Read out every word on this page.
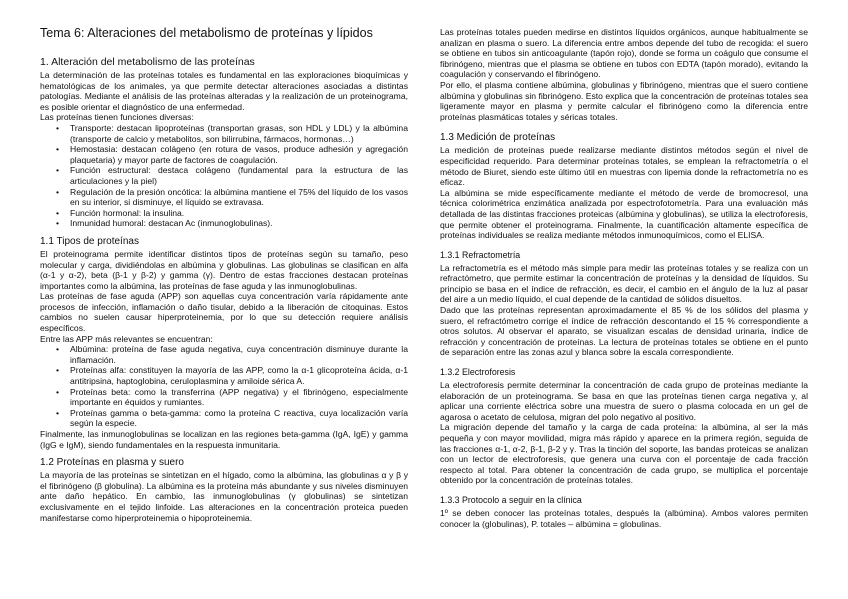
Tema 6: Alteraciones del metabolismo de proteínas y lípidos
1. Alteración del metabolismo de las proteínas

La determinación de las proteínas totales es fundamental en las exploraciones bioquímicas y hematológicas de los animales, ya que permite detectar alteraciones asociadas a distintas patologías. Mediante el análisis de las proteínas alteradas y la realización de un proteinograma, es posible orientar el diagnóstico de una enfermedad.

Las proteínas tienen funciones diversas:

• Transporte: destacan lipoproteínas (transportan grasas, son HDL y LDL) y la albúmina (transporte de calcio y metabolitos, son bilirrubina, fármacos, hormonas…)
• Hemostasia: destacan colágeno (en rotura de vasos, produce adhesión y agregación plaquetaria) y mayor parte de factores de coagulación.
• Función estructural: destaca colágeno (fundamental para la estructura de las articulaciones y la piel)
• Regulación de la presión oncótica: la albúmina mantiene el 75% del líquido de los vasos en su interior, si disminuye, el líquido se extravasa.
• Función hormonal: la insulina.
• Inmunidad humoral: destacan Ac (inmunoglobulinas).
1.1 Tipos de proteínas

El proteinograma permite identificar distintos tipos de proteínas según su tamaño, peso molecular y carga, dividiéndolas en albúmina y globulinas. Las globulinas se clasifican en alfa (α-1 y α-2), beta (β-1 y β-2) y gamma (γ). Dentro de estas fracciones destacan proteínas importantes como la albúmina, las proteínas de fase aguda y las inmunoglobulinas.

Las proteínas de fase aguda (APP) son aquellas cuya concentración varía rápidamente ante procesos de infección, inflamación o daño tisular, debido a la liberación de citoquinas. Estos cambios no suelen causar hiperproteinemia, por lo que su detección requiere análisis específicos.

Entre las APP más relevantes se encuentran:

• Albúmina: proteína de fase aguda negativa, cuya concentración disminuye durante la inflamación.
• Proteínas alfa: constituyen la mayoría de las APP, como la α-1 glicoproteína ácida, α-1 antitripsina, haptoglobina, ceruloplasmina y amiloide sérica A.
• Proteínas beta: como la transferrina (APP negativa) y el fibrinógeno, especialmente importante en équidos y rumiantes.
• Proteínas gamma o beta-gamma: como la proteína C reactiva, cuya localización varía según la especie.

Finalmente, las inmunoglobulinas se localizan en las regiones beta-gamma (IgA, IgE) y gamma (IgG e IgM), siendo fundamentales en la respuesta inmunitaria.

1.2 Proteínas en plasma y suero

La mayoría de las proteínas se sintetizan en el hígado, como la albúmina, las globulinas α y β y el fibrinógeno (β globulina). La albúmina es la proteína más abundante y sus niveles disminuyen ante daño hepático. En cambio, las inmunoglobulinas (γ globulinas) se sintetizan exclusivamente en el tejido linfoide. Las alteraciones en la concentración proteica pueden manifestarse como hiperproteinemia o hipoproteinemia.

Las proteínas totales pueden medirse en distintos líquidos orgánicos, aunque habitualmente se analizan en plasma o suero. La diferencia entre ambos depende del tubo de recogida: el suero se obtiene en tubos sin anticoagulante (tapón rojo), donde se forma un coágulo que consume el fibrinógeno, mientras que el plasma se obtiene en tubos con EDTA (tapón morado), evitando la coagulación y conservando el fibrinógeno.

Por ello, el plasma contiene albúmina, globulinas y fibrinógeno, mientras que el suero contiene albúmina y globulinas sin fibrinógeno. Esto explica que la concentración de proteínas totales sea ligeramente mayor en plasma y permite calcular el fibrinógeno como la diferencia entre proteínas plasmáticas totales y séricas totales.

1.3 Medición de proteínas

La medición de proteínas puede realizarse mediante distintos métodos según el nivel de especificidad requerido. Para determinar proteínas totales, se emplean la refractometría o el método de Biuret, siendo este último útil en muestras con lipemia donde la refractometría no es eficaz.

La albúmina se mide específicamente mediante el método de verde de bromocresol, una técnica colorimétrica enzimática analizada por espectrofotometría. Para una evaluación más detallada de las distintas fracciones proteicas (albúmina y globulinas), se utiliza la electroforesis, que permite obtener el proteinograma. Finalmente, la cuantificación altamente específica de proteínas individuales se realiza mediante métodos inmunoquímicos, como el ELISA.

1.3.1 Refractometría

La refractometría es el método más simple para medir las proteínas totales y se realiza con un refractómetro, que permite estimar la concentración de proteínas y la densidad de líquidos. Su principio se basa en el índice de refracción, es decir, el cambio en el ángulo de la luz al pasar del aire a un medio líquido, el cual depende de la cantidad de sólidos disueltos.

Dado que las proteínas representan aproximadamente el 85 % de los sólidos del plasma y suero, el refractómetro corrige el índice de refracción descontando el 15 % correspondiente a otros solutos. Al observar el aparato, se visualizan escalas de densidad urinaria, índice de refracción y concentración de proteínas. La lectura de proteínas totales se obtiene en el punto de separación entre las zonas azul y blanca sobre la escala correspondiente.

1.3.2 Electroforesis

La electroforesis permite determinar la concentración de cada grupo de proteínas mediante la elaboración de un proteinograma. Se basa en que las proteínas tienen carga negativa y, al aplicar una corriente eléctrica sobre una muestra de suero o plasma colocada en un gel de agarosa o acetato de celulosa, migran del polo negativo al positivo.

La migración depende del tamaño y la carga de cada proteína: la albúmina, al ser la más pequeña y con mayor movilidad, migra más rápido y aparece en la primera región, seguida de las fracciones α-1, α-2, β-1, β-2 y γ. Tras la tinción del soporte, las bandas proteicas se analizan con un lector de electroforesis, que genera una curva con el porcentaje de cada fracción respecto al total. Para obtener la concentración de cada grupo, se multiplica el porcentaje obtenido por la concentración de proteínas totales.

1.3.3 Protocolo a seguir en la clínica

1º se deben conocer las proteínas totales, después la (albúmina). Ambos valores permiten conocer la (globulinas), P. totales – albúmina = globulinas.
